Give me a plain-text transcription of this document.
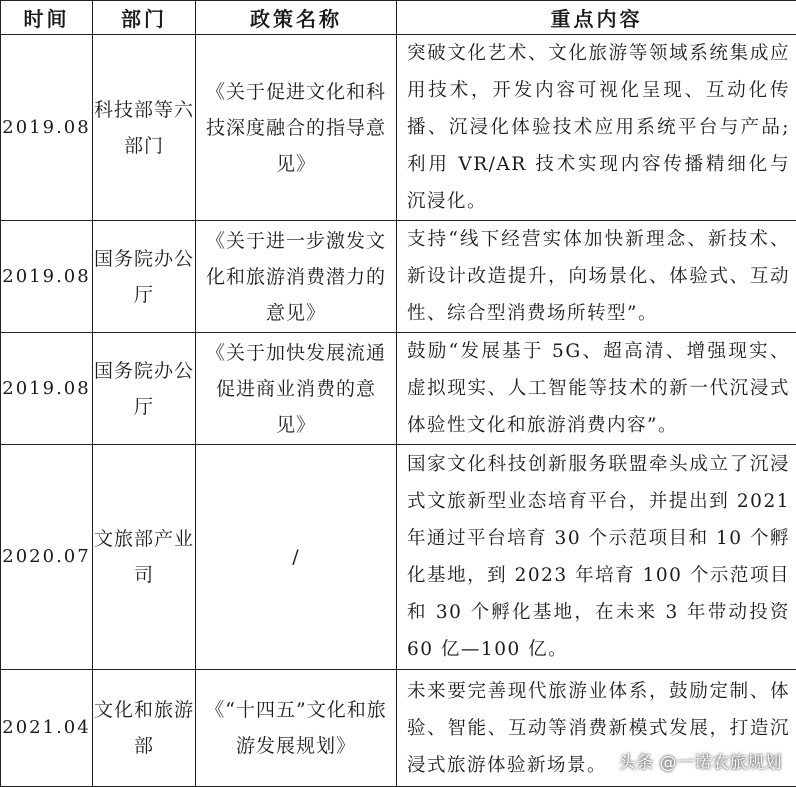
时间	部门	政策名称	重点内容

2019.08	科技部等六部门	《关于促进文化和科技深度融合的指导意见》	突破文化艺术、文化旅游等领域系统集成应用技术，开发内容可视化呈现、互动化传播、沉浸化体验技术应用系统平台与产品;利用 VR/AR 技术实现内容传播精细化与沉浸化。

2019.08	国务院办公厅	《关于进一步激发文化和旅游消费潜力的意见》	支持“线下经营实体加快新理念、新技术、新设计改造提升，向场景化、体验式、互动性、综合型消费场所转型”。

2019.08	国务院办公厅	《关于加快发展流通促进商业消费的意见》	鼓励“发展基于 5G、超高清、增强现实、虚拟现实、人工智能等技术的新一代沉浸式体验性文化和旅游消费内容”。

2020.07	文旅部产业司	/	国家文化科技创新服务联盟牵头成立了沉浸式文旅新型业态培育平台，并提出到 2021 年通过平台培育 30 个示范项目和 10 个孵化基地，到 2023 年培育 100 个示范项目和 30 个孵化基地，在未来 3 年带动投资 60 亿—100 亿。

2021.04	文化和旅游部	《“十四五”文化和旅游发展规划》	未来要完善现代旅游业体系，鼓励定制、体验、智能、互动等消费新模式发展，打造沉浸式旅游体验新场景。 头条 @一诺农旅规划
